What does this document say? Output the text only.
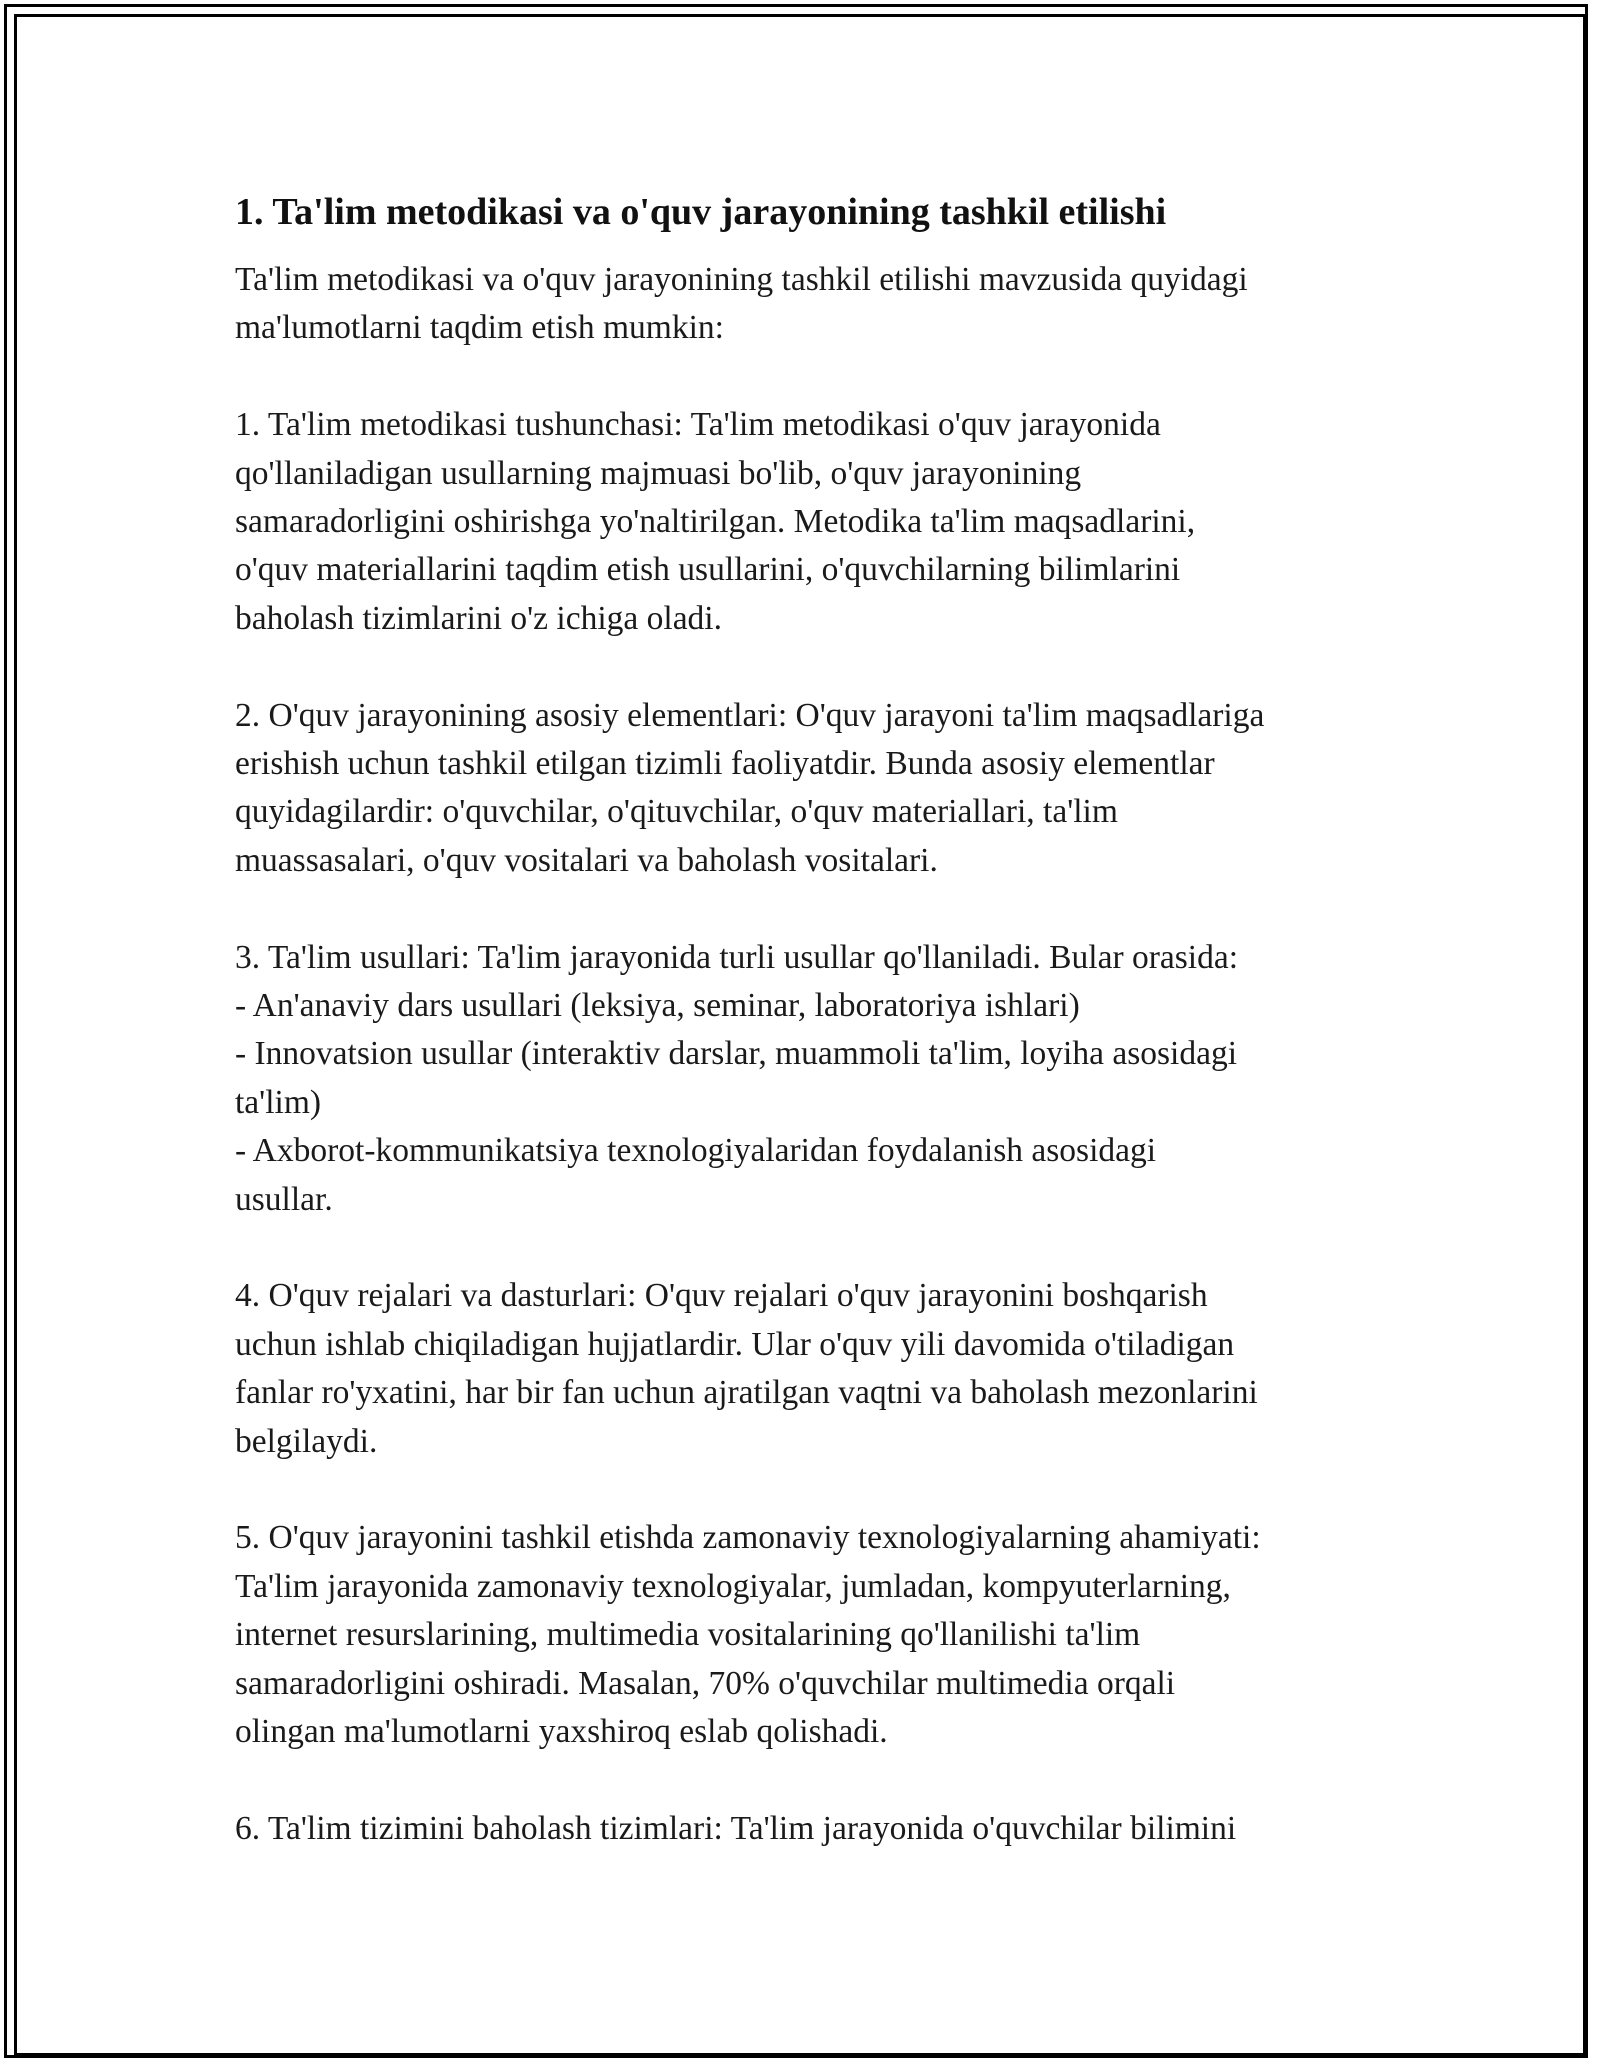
1. Ta'lim metodikasi va o'quv jarayonining tashkil etilishi

Ta'lim metodikasi va o'quv jarayonining tashkil etilishi mavzusida quyidagi
ma'lumotlarni taqdim etish mumkin:

1. Ta'lim metodikasi tushunchasi: Ta'lim metodikasi o'quv jarayonida
qo'llaniladigan usullarning majmuasi bo'lib, o'quv jarayonining
samaradorligini oshirishga yo'naltirilgan. Metodika ta'lim maqsadlarini,
o'quv materiallarini taqdim etish usullarini, o'quvchilarning bilimlarini
baholash tizimlarini o'z ichiga oladi.

2. O'quv jarayonining asosiy elementlari: O'quv jarayoni ta'lim maqsadlariga
erishish uchun tashkil etilgan tizimli faoliyatdir. Bunda asosiy elementlar
quyidagilardir: o'quvchilar, o'qituvchilar, o'quv materiallari, ta'lim
muassasalari, o'quv vositalari va baholash vositalari.

3. Ta'lim usullari: Ta'lim jarayonida turli usullar qo'llaniladi. Bular orasida:
- An'anaviy dars usullari (leksiya, seminar, laboratoriya ishlari)
- Innovatsion usullar (interaktiv darslar, muammoli ta'lim, loyiha asosidagi
ta'lim)
- Axborot-kommunikatsiya texnologiyalaridan foydalanish asosidagi
usullar.

4. O'quv rejalari va dasturlari: O'quv rejalari o'quv jarayonini boshqarish
uchun ishlab chiqiladigan hujjatlardir. Ular o'quv yili davomida o'tiladigan
fanlar ro'yxatini, har bir fan uchun ajratilgan vaqtni va baholash mezonlarini
belgilaydi.

5. O'quv jarayonini tashkil etishda zamonaviy texnologiyalarning ahamiyati:
Ta'lim jarayonida zamonaviy texnologiyalar, jumladan, kompyuterlarning,
internet resurslarining, multimedia vositalarining qo'llanilishi ta'lim
samaradorligini oshiradi. Masalan, 70% o'quvchilar multimedia orqali
olingan ma'lumotlarni yaxshiroq eslab qolishadi.

6. Ta'lim tizimini baholash tizimlari: Ta'lim jarayonida o'quvchilar bilimini
